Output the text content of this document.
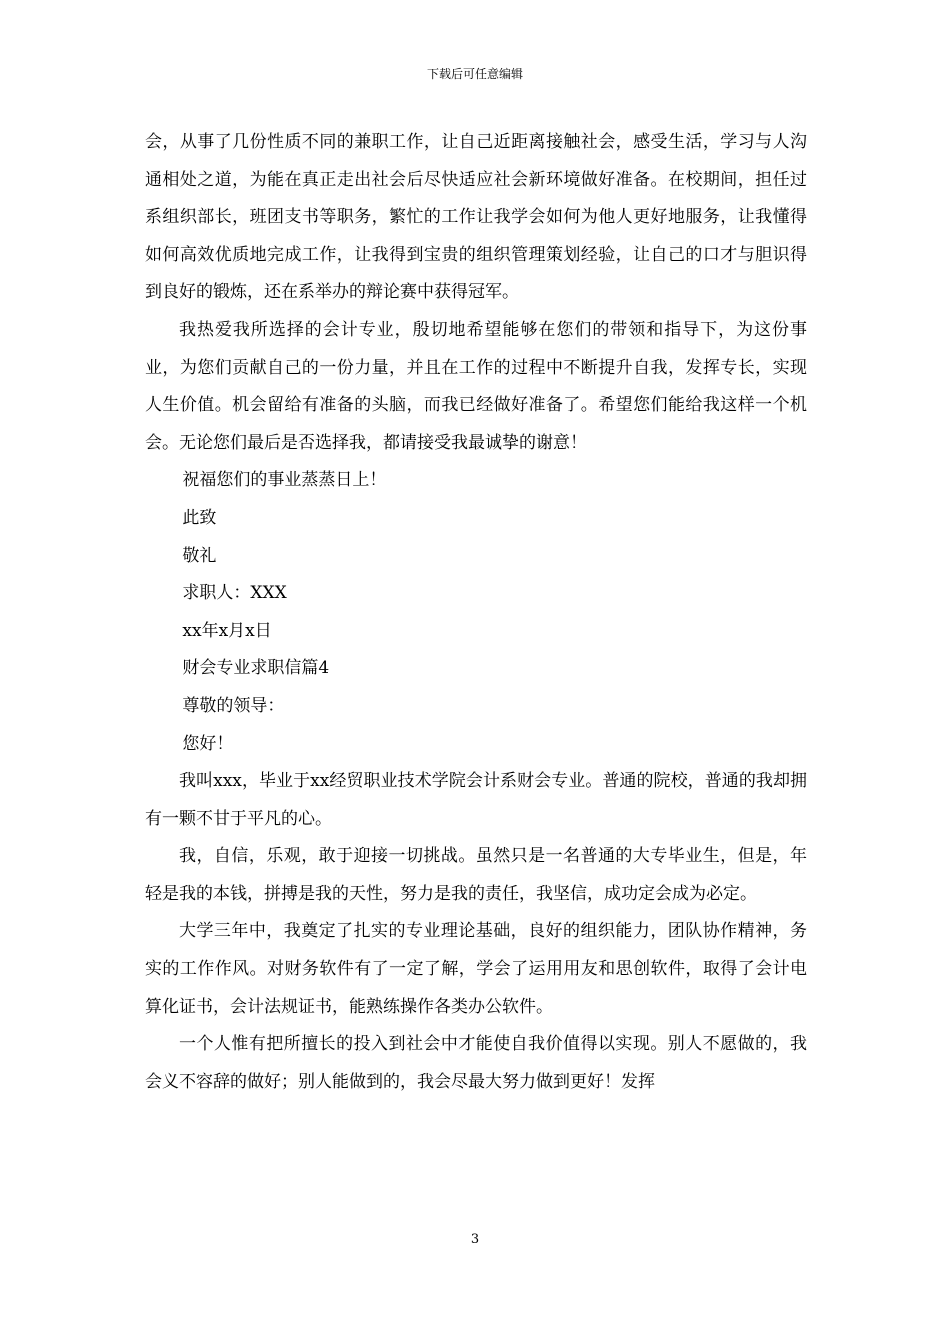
下载后可任意编辑

会，从事了几份性质不同的兼职工作，让自己近距离接触社会，感受生活，学习与人沟通相处之道，为能在真正走出社会后尽快适应社会新环境做好准备。在校期间，担任过系组织部长，班团支书等职务，繁忙的工作让我学会如何为他人更好地服务，让我懂得如何高效优质地完成工作，让我得到宝贵的组织管理策划经验，让自己的口才与胆识得到良好的锻炼，还在系举办的辩论赛中获得冠军。

我热爱我所选择的会计专业，殷切地希望能够在您们的带领和指导下，为这份事业，为您们贡献自己的一份力量，并且在工作的过程中不断提升自我，发挥专长，实现人生价值。机会留给有准备的头脑，而我已经做好准备了。希望您们能给我这样一个机会。无论您们最后是否选择我，都请接受我最诚挚的谢意！

祝福您们的事业蒸蒸日上！

此致

敬礼

求职人：XXX

xx年x月x日

财会专业求职信篇4

尊敬的领导：

您好！

我叫xxx，毕业于xx经贸职业技术学院会计系财会专业。普通的院校，普通的我却拥有一颗不甘于平凡的心。

我，自信，乐观，敢于迎接一切挑战。虽然只是一名普通的大专毕业生，但是，年轻是我的本钱，拼搏是我的天性，努力是我的责任，我坚信，成功定会成为必定。

大学三年中，我奠定了扎实的专业理论基础，良好的组织能力，团队协作精神，务实的工作作风。对财务软件有了一定了解，学会了运用用友和思创软件，取得了会计电算化证书，会计法规证书，能熟练操作各类办公软件。

一个人惟有把所擅长的投入到社会中才能使自我价值得以实现。别人不愿做的，我会义不容辞的做好；别人能做到的，我会尽最大努力做到更好！发挥

3
